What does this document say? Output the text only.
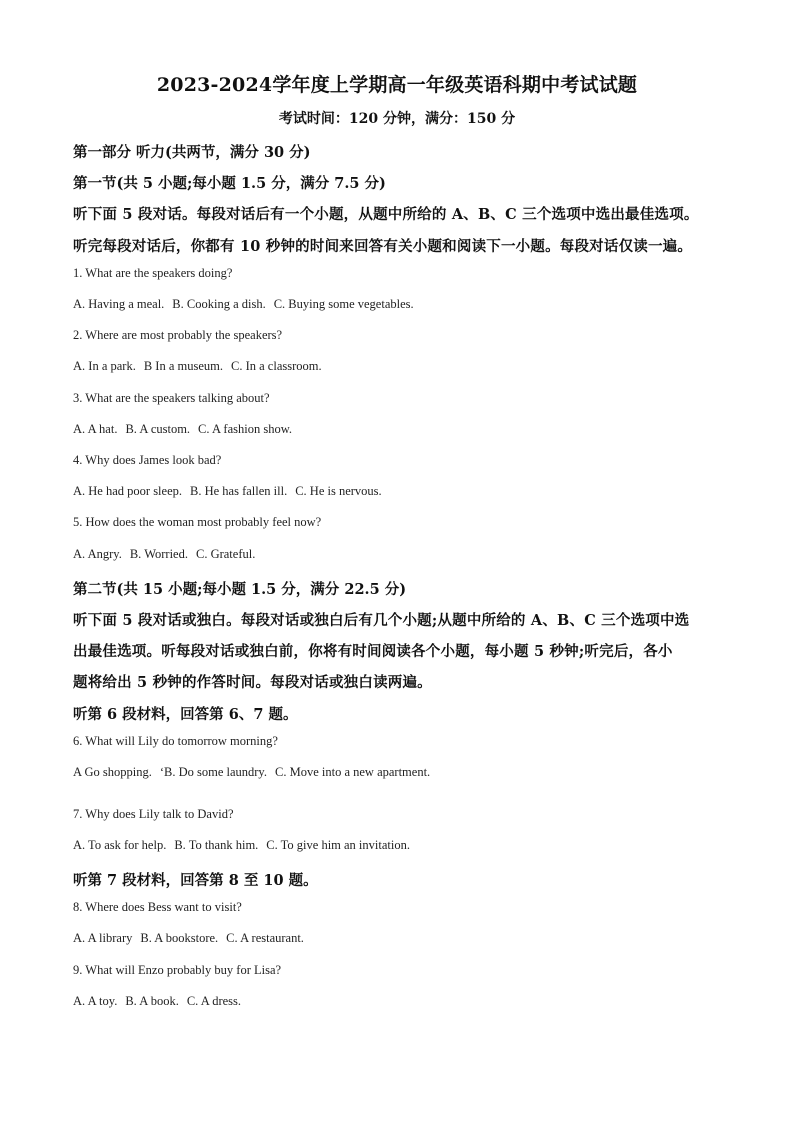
2023-2024学年度上学期高一年级英语科期中考试试题
考试时间：120 分钟，满分：150 分
第一部分 听力(共两节，满分 30 分)
第一节(共 5 小题;每小题 1.5 分，满分 7.5 分)
听下面 5 段对话。每段对话后有一个小题，从题中所给的 A、B、C 三个选项中选出最佳选项。
听完每段对话后，你都有 10 秒钟的时间来回答有关小题和阅读下一小题。每段对话仅读一遍。
1. What are the speakers doing?
A. Having a meal. B. Cooking a dish. C. Buying some vegetables.
2. Where are most probably the speakers?
A. In a park. B In a museum. C. In a classroom.
3. What are the speakers talking about?
A. A hat. B. A custom. C. A fashion show.
4. Why does James look bad?
A. He had poor sleep. B. He has fallen ill. C. He is nervous.
5. How does the woman most probably feel now?
A. Angry. B. Worried. C. Grateful.
第二节(共 15 小题;每小题 1.5 分，满分 22.5 分)
听下面 5 段对话或独白。每段对话或独白后有几个小题;从题中所给的 A、B、C 三个选项中选
出最佳选项。听每段对话或独白前，你将有时间阅读各个小题，每小题 5 秒钟;听完后，各小
题将给出 5 秒钟的作答时间。每段对话或独白读两遍。
听第 6 段材料，回答第 6、7 题。
6. What will Lily do tomorrow morning?
A Go shopping. ‘B. Do some laundry. C. Move into a new apartment.
7. Why does Lily talk to David?
A. To ask for help. B. To thank him. C. To give him an invitation.
听第 7 段材料，回答第 8 至 10 题。
8. Where does Bess want to visit?
A. A library B. A bookstore. C. A restaurant.
9. What will Enzo probably buy for Lisa?
A. A toy. B. A book. C. A dress.
